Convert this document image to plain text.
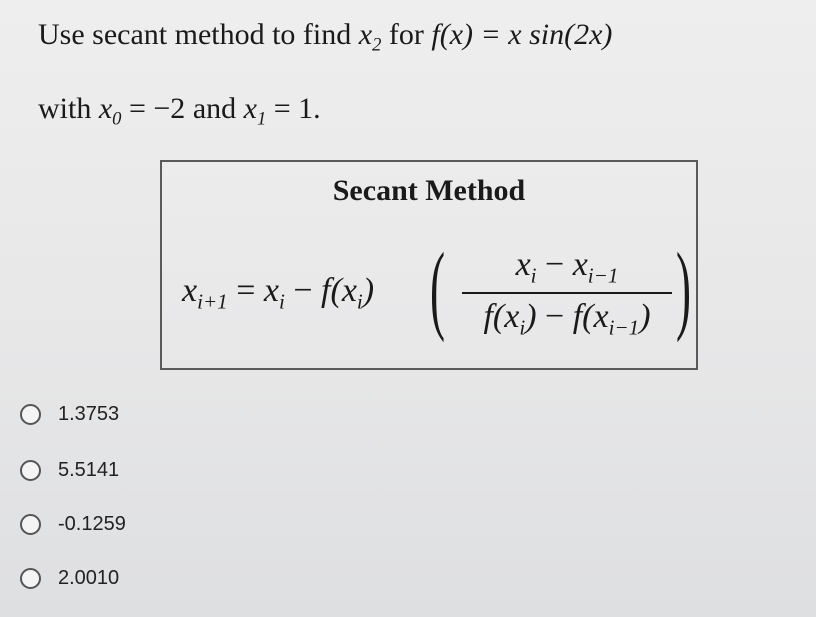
Use secant method to find $x_2$ for f(x) = x sin(2x)
with $x_0 = -2$ and $x_1 = 1$.
Secant Method
$x_{i+1} = x_i - f(x_i)$ (	$x_i - x_{i-1}$
$f(x_i) - f(x_{i-1})$ )
1.3753
5.5141
-0.1259
2.0010
